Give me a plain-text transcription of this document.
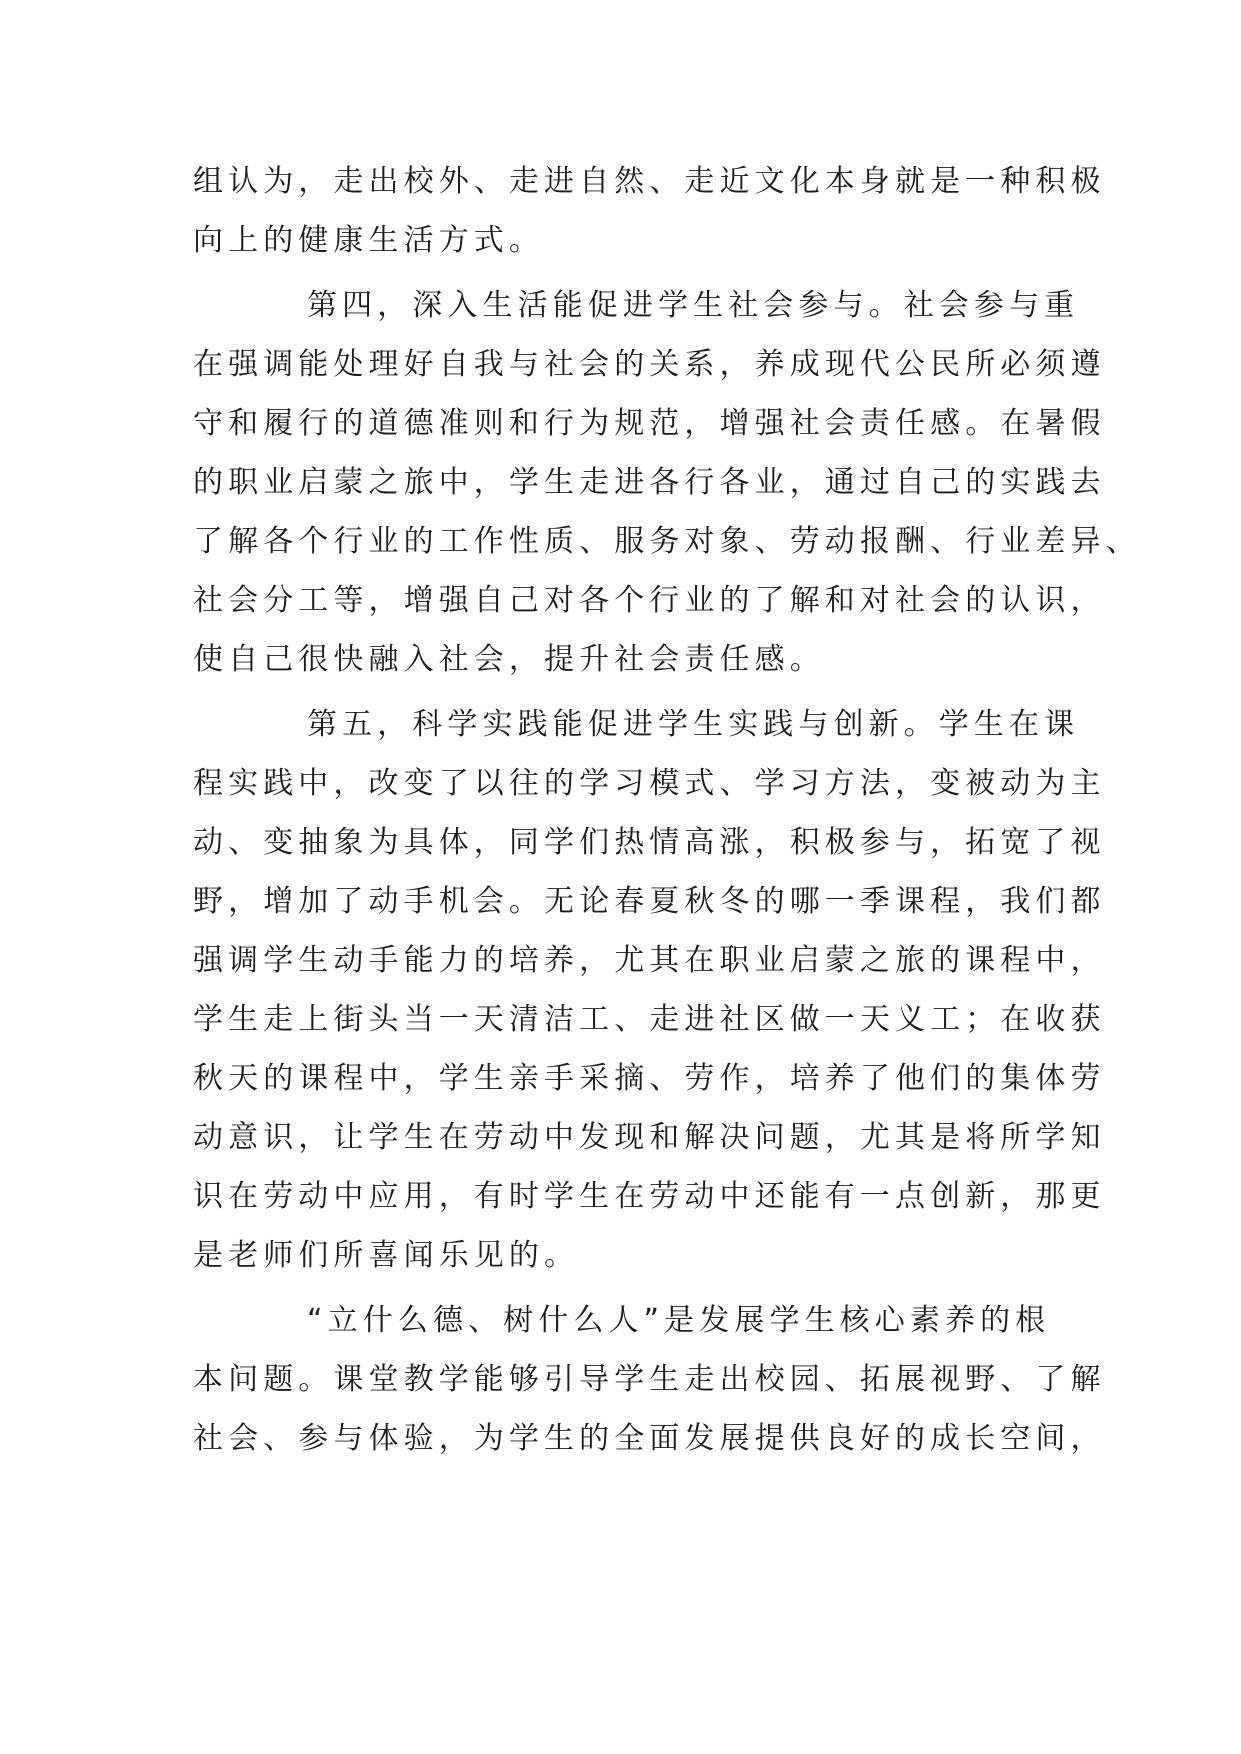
组认为，走出校外、走进自然、走近文化本身就是一种积极
向上的健康生活方式。
第四，深入生活能促进学生社会参与。社会参与重
在强调能处理好自我与社会的关系，养成现代公民所必须遵
守和履行的道德准则和行为规范，增强社会责任感。在暑假
的职业启蒙之旅中，学生走进各行各业，通过自己的实践去
了解各个行业的工作性质、服务对象、劳动报酬、行业差异、
社会分工等，增强自己对各个行业的了解和对社会的认识，
使自己很快融入社会，提升社会责任感。
第五，科学实践能促进学生实践与创新。学生在课
程实践中，改变了以往的学习模式、学习方法，变被动为主
动、变抽象为具体，同学们热情高涨，积极参与，拓宽了视
野，增加了动手机会。无论春夏秋冬的哪一季课程，我们都
强调学生动手能力的培养，尤其在职业启蒙之旅的课程中，
学生走上街头当一天清洁工、走进社区做一天义工；在收获
秋天的课程中，学生亲手采摘、劳作，培养了他们的集体劳
动意识，让学生在劳动中发现和解决问题，尤其是将所学知
识在劳动中应用，有时学生在劳动中还能有一点创新，那更
是老师们所喜闻乐见的。
“立什么德、树什么人”是发展学生核心素养的根
本问题。课堂教学能够引导学生走出校园、拓展视野、了解
社会、参与体验，为学生的全面发展提供良好的成长空间，
